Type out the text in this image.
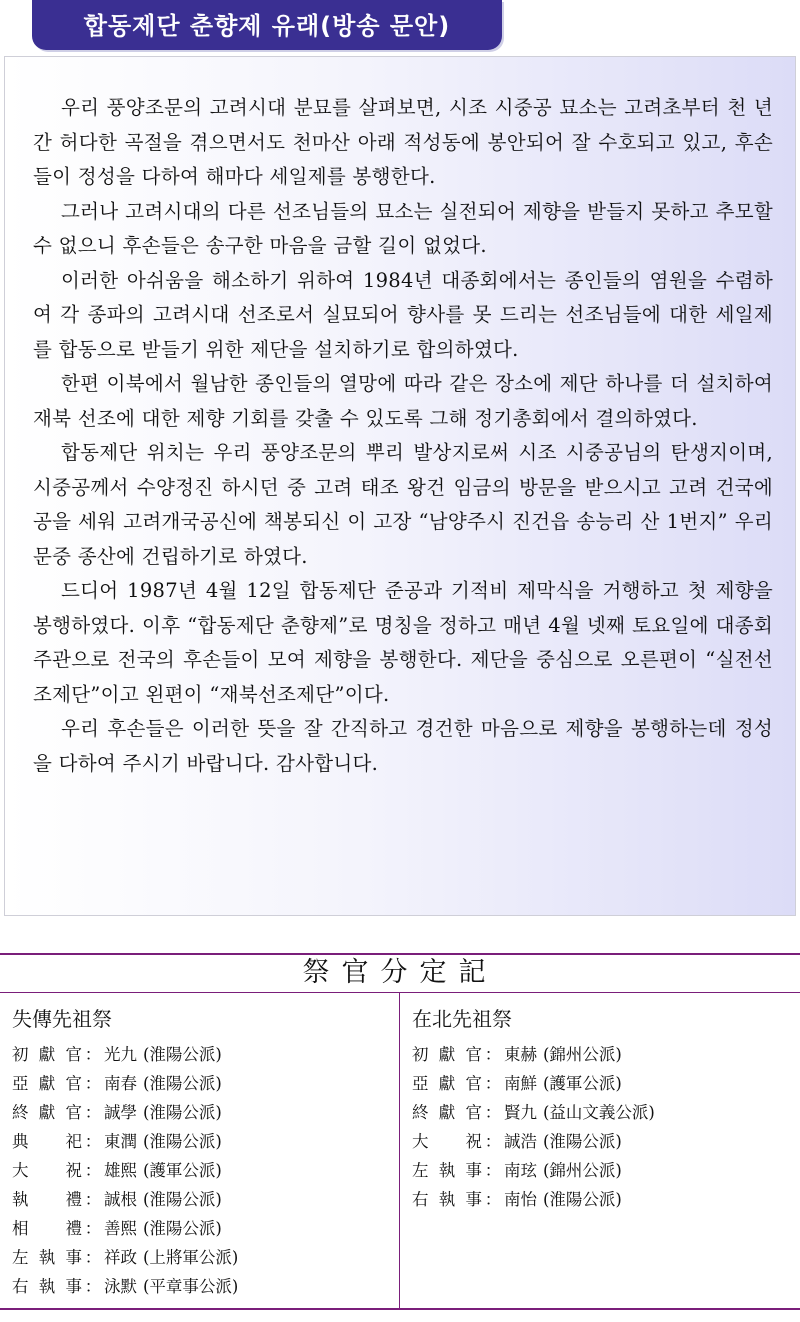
합동제단 춘향제 유래(방송 문안)

우리 풍양조문의 고려시대 분묘를 살펴보면, 시조 시중공 묘소는 고려초부터 천 년간 허다한 곡절을 겪으면서도 천마산 아래 적성동에 봉안되어 잘 수호되고 있고, 후손들이 정성을 다하여 해마다 세일제를 봉행한다.

그러나 고려시대의 다른 선조님들의 묘소는 실전되어 제향을 받들지 못하고 추모할 수 없으니 후손들은 송구한 마음을 금할 길이 없었다.

이러한 아쉬움을 해소하기 위하여 1984년 대종회에서는 종인들의 염원을 수렴하여 각 종파의 고려시대 선조로서 실묘되어 향사를 못 드리는 선조님들에 대한 세일제를 합동으로 받들기 위한 제단을 설치하기로 합의하였다.

한편 이북에서 월남한 종인들의 열망에 따라 같은 장소에 제단 하나를 더 설치하여 재북 선조에 대한 제향 기회를 갖출 수 있도록 그해 정기총회에서 결의하였다.

합동제단 위치는 우리 풍양조문의 뿌리 발상지로써 시조 시중공님의 탄생지이며, 시중공께서 수양정진 하시던 중 고려 태조 왕건 임금의 방문을 받으시고 고려 건국에 공을 세워 고려개국공신에 책봉되신 이 고장 “남양주시 진건읍 송능리 산 1번지” 우리 문중 종산에 건립하기로 하였다.

드디어 1987년 4월 12일 합동제단 준공과 기적비 제막식을 거행하고 첫 제향을 봉행하였다. 이후 “합동제단 춘향제”로 명칭을 정하고 매년 4월 넷째 토요일에 대종회 주관으로 전국의 후손들이 모여 제향을 봉행한다. 제단을 중심으로 오른편이 “실전선조제단”이고 왼편이 “재북선조제단”이다.

우리 후손들은 이러한 뜻을 잘 간직하고 경건한 마음으로 제향을 봉행하는데 정성을 다하여 주시기 바랍니다. 감사합니다.

祭官分定記
失傳先祖祭
初獻官 ： 光九 (淮陽公派)
亞獻官 ： 南春 (淮陽公派)
終獻官 ： 誠學 (淮陽公派)
典祀 ： 東潤 (淮陽公派)
大祝 ： 雄熙 (護軍公派)
執禮 ： 誠根 (淮陽公派)
相禮 ： 善熙 (淮陽公派)
左執事 ： 祥政 (上將軍公派)
右執事 ： 泳默 (平章事公派)
在北先祖祭
初獻官 ： 東赫 (錦州公派)
亞獻官 ： 南鮮 (護軍公派)
終獻官 ： 賢九 (益山文義公派)
大祝 ： 誠浩 (淮陽公派)
左執事 ： 南玹 (錦州公派)
右執事 ： 南怡 (淮陽公派)
